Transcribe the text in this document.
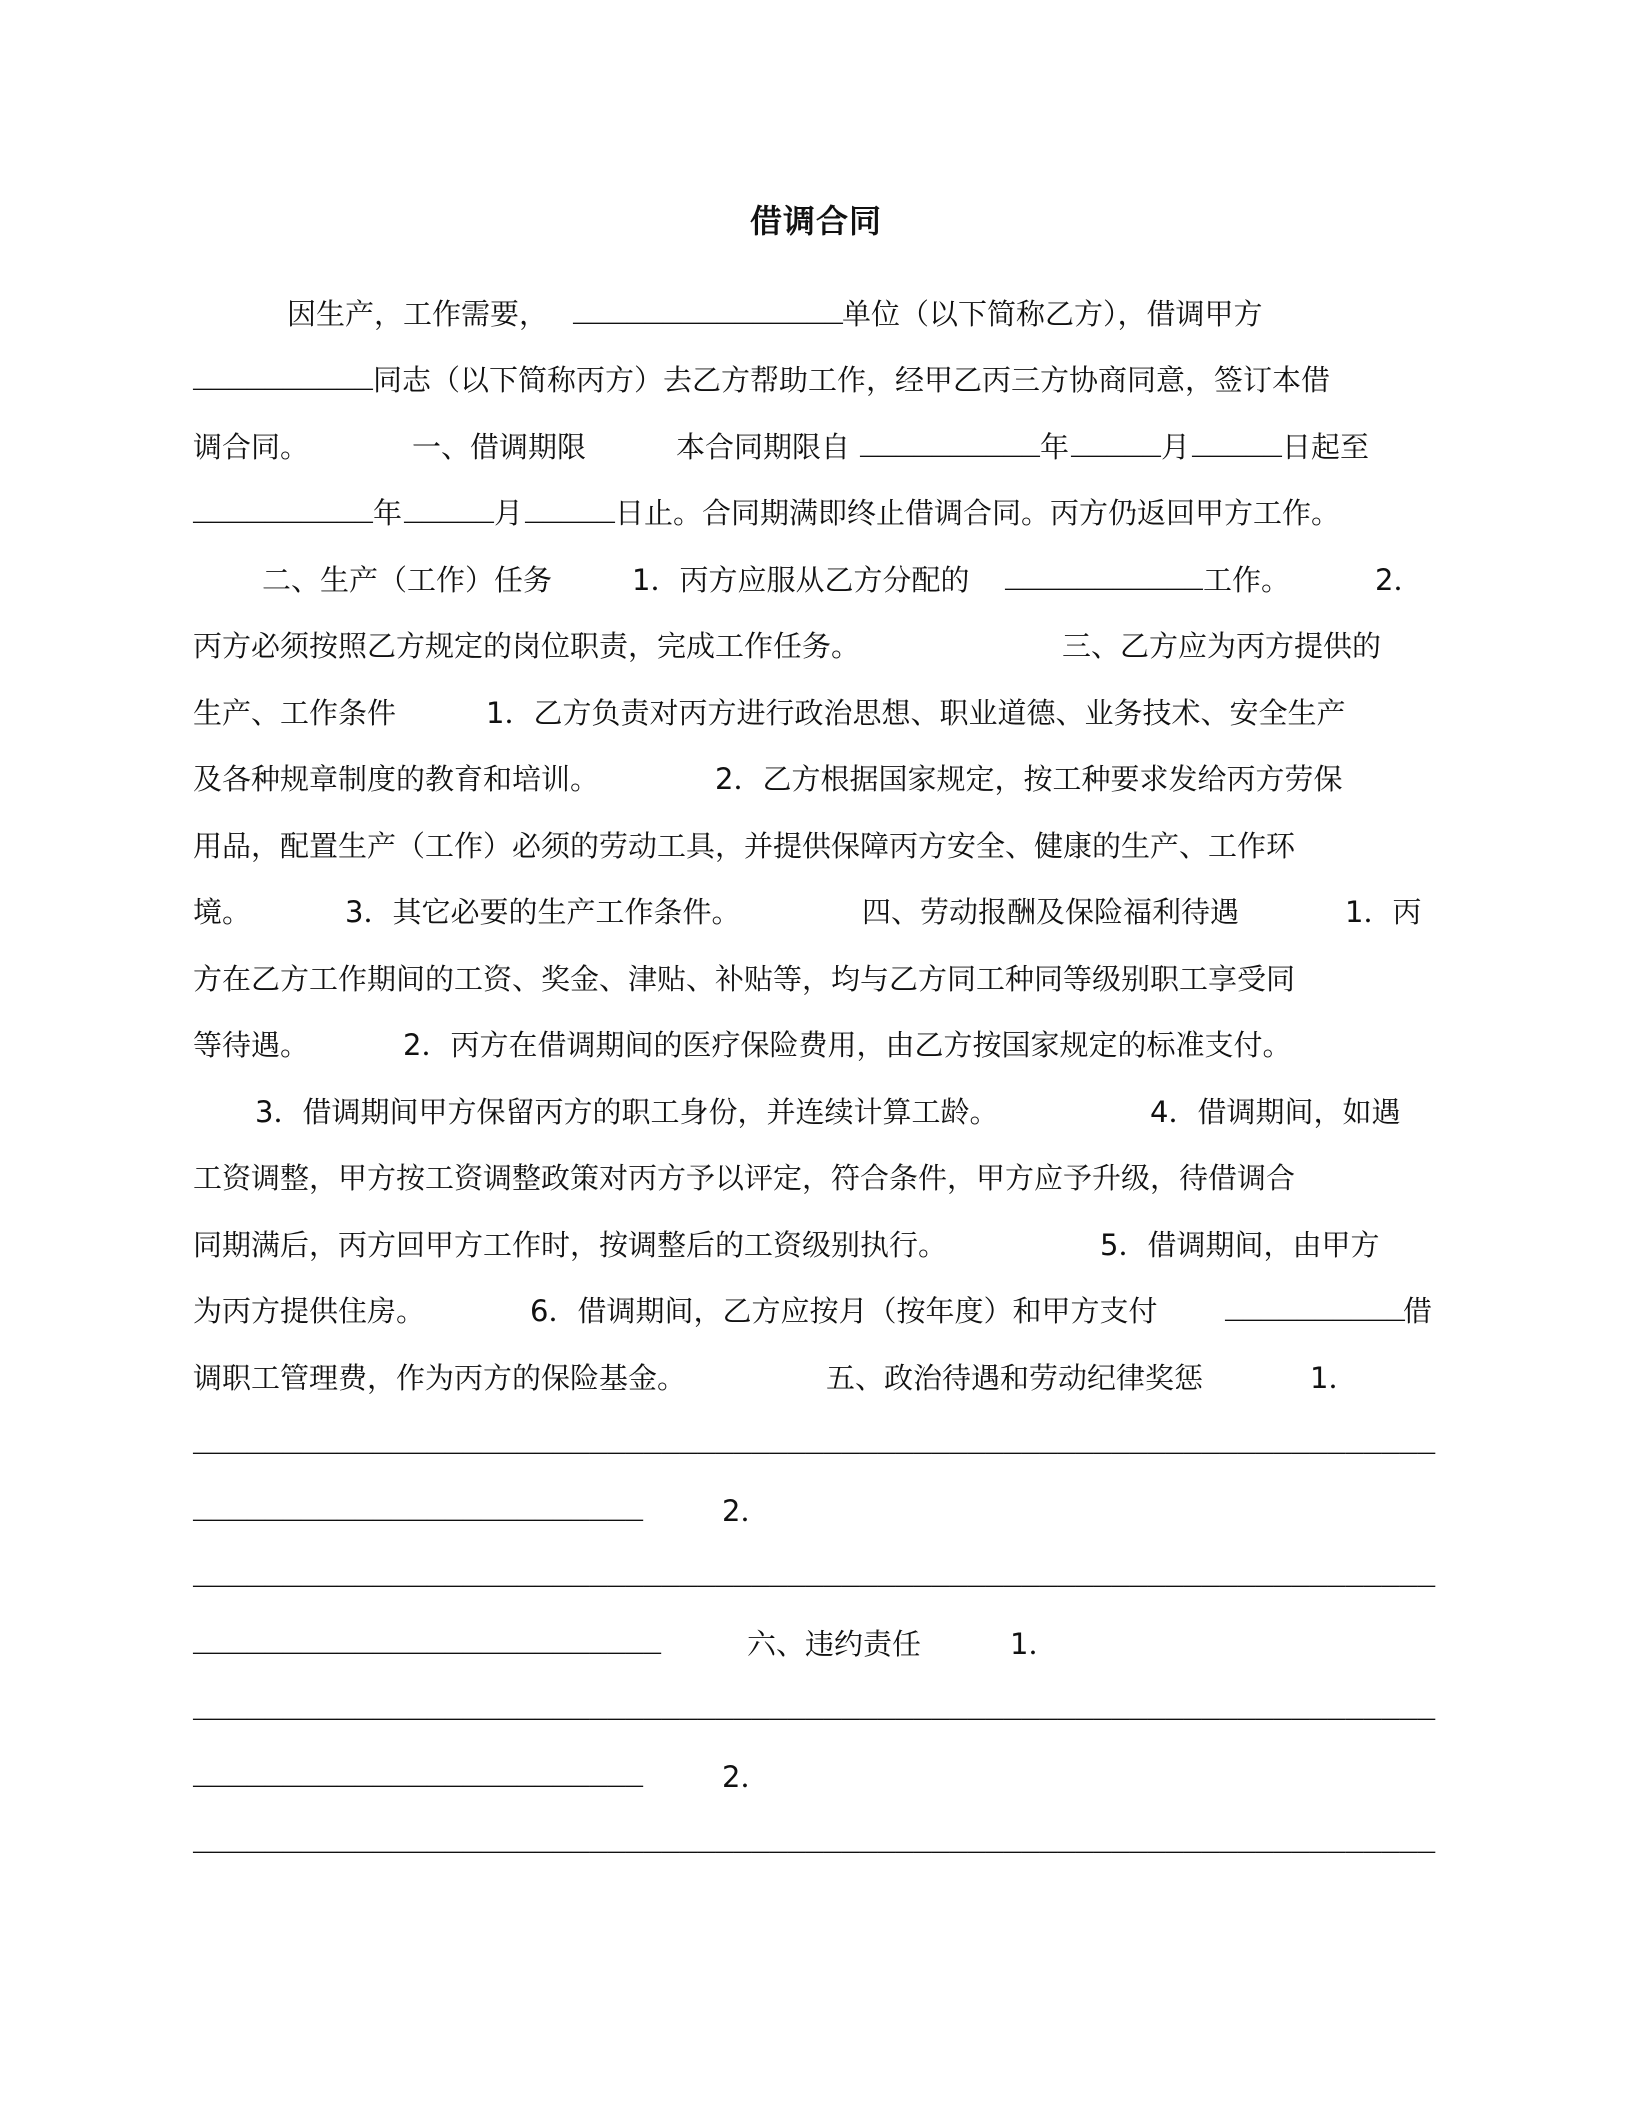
借调合同
因生产，工作需要， _______________
单位（以下简称乙方），借调甲方
__________ 同志（以下简称丙方）去乙方帮助工作，经甲乙丙三方协商同意，签订本借
调合同。	一、借调期限	本合同期限自 __________ 年 _____ 月 _____ 日起至
__________ 年 _____ 月 _____ 日止。合同期满即终止借调合同。丙方仍返回甲方工作。
二、生产（工作）任务	1．丙方应服从乙方分配的 ___________ 工作。	2．
丙方必须按照乙方规定的岗位职责，完成工作任务。	三、乙方应为丙方提供的
生产、工作条件	1．乙方负责对丙方进行政治思想、职业道德、业务技术、安全生产
及各种规章制度的教育和培训。	2．乙方根据国家规定，按工种要求发给丙方劳保
用品，配置生产（工作）必须的劳动工具，并提供保障丙方安全、健康的生产、工作环
境。	3．其它必要的生产工作条件。	四、劳动报酬及保险福利待遇	1．丙
方在乙方工作期间的工资、奖金、津贴、补贴等，均与乙方同工种同等级别职工享受同
等待遇。	2．丙方在借调期间的医疗保险费用，由乙方按国家规定的标准支付。
3．借调期间甲方保留丙方的职工身份，并连续计算工龄。	4．借调期间，如遇
工资调整，甲方按工资调整政策对丙方予以评定，符合条件，甲方应予升级，待借调合
同期满后，丙方回甲方工作时，按调整后的工资级别执行。	5．借调期间，由甲方
为丙方提供住房。	6．借调期间，乙方应按月（按年度）和甲方支付 __________
借
调职工管理费，作为丙方的保险基金。	五、政治待遇和劳动纪律奖惩	1．
_____________________________________________________________________
_________________________	2．
_____________________________________________________________________
__________________________	六、违约责任	1．
_____________________________________________________________________
_________________________	2．
_____________________________________________________________________
